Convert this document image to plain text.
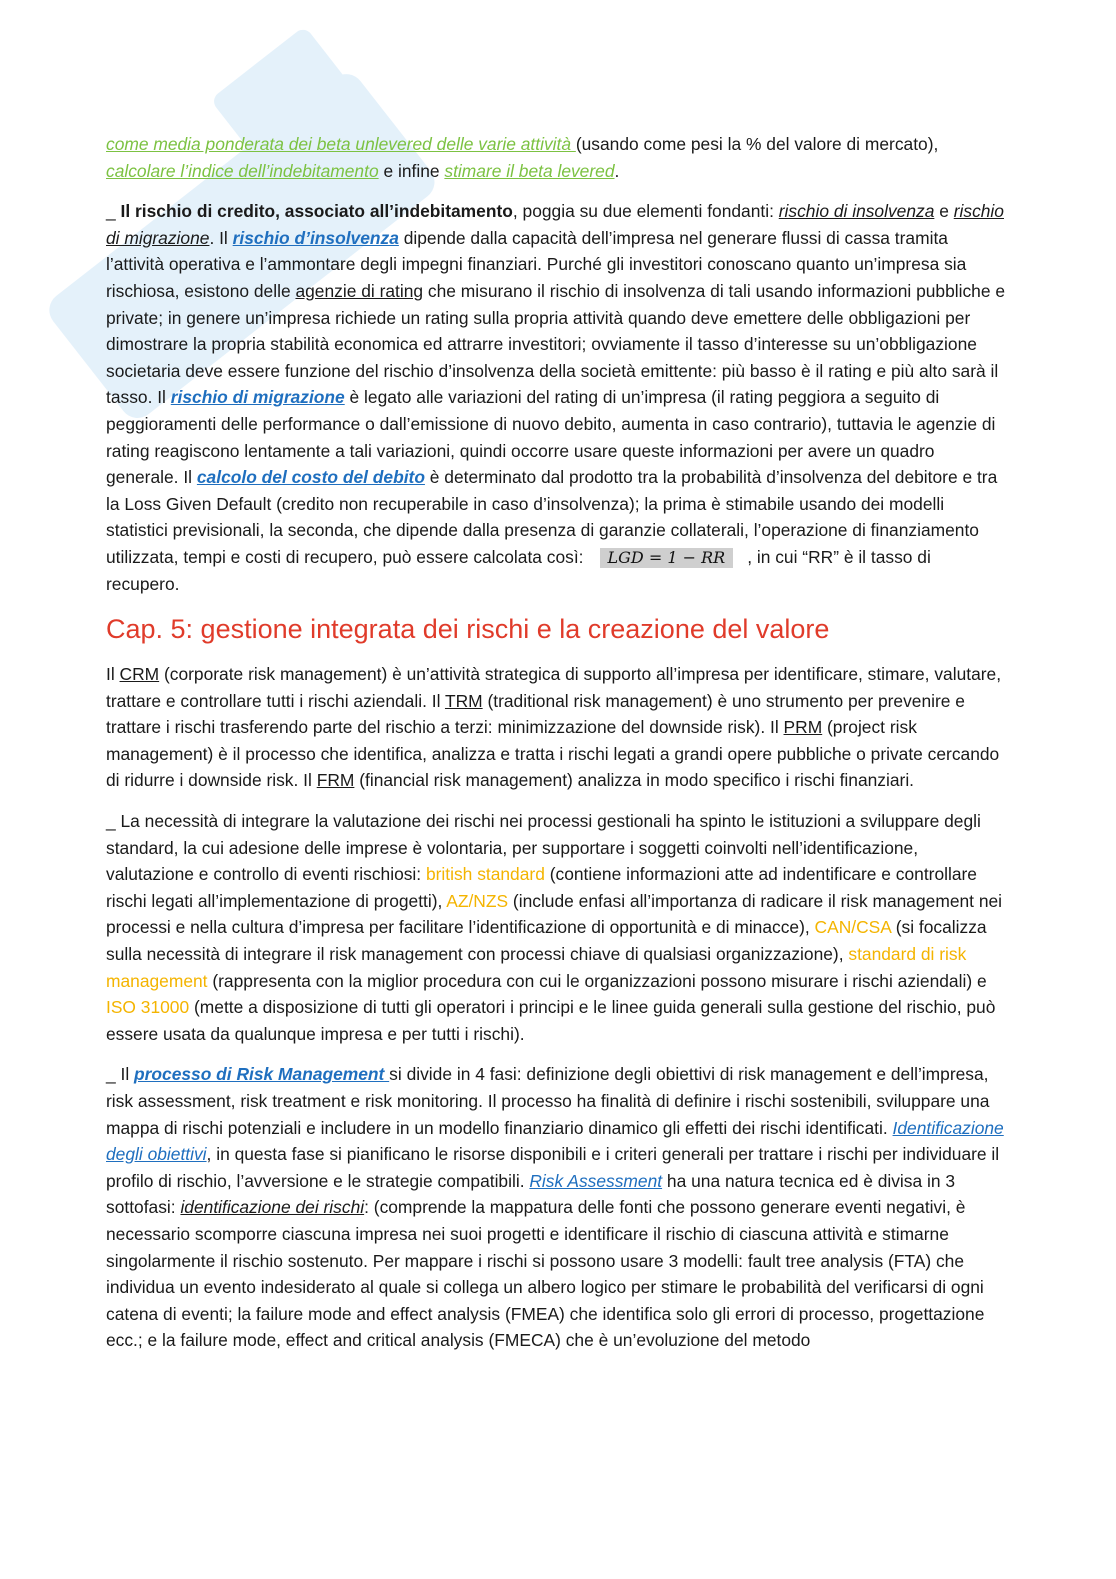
come media ponderata dei beta unlevered delle varie attività (usando come pesi la % del valore di mercato), calcolare l’indice dell’indebitamento e infine stimare il beta levered.

_ Il rischio di credito, associato all’indebitamento, poggia su due elementi fondanti: rischio di insolvenza e rischio di migrazione. Il rischio d’insolvenza dipende dalla capacità dell’impresa nel generare flussi di cassa tramita l’attività operativa e l’ammontare degli impegni finanziari. Purché gli investitori conoscano quanto un’impresa sia rischiosa, esistono delle agenzie di rating che misurano il rischio di insolvenza di tali usando informazioni pubbliche e private; in genere un’impresa richiede un rating sulla propria attività quando deve emettere delle obbligazioni per dimostrare la propria stabilità economica ed attrarre investitori; ovviamente il tasso d’interesse su un’obbligazione societaria deve essere funzione del rischio d’insolvenza della società emittente: più basso è il rating e più alto sarà il tasso. Il rischio di migrazione è legato alle variazioni del rating di un’impresa (il rating peggiora a seguito di peggioramenti delle performance o dall’emissione di nuovo debito, aumenta in caso contrario), tuttavia le agenzie di rating reagiscono lentamente a tali variazioni, quindi occorre usare queste informazioni per avere un quadro generale. Il calcolo del costo del debito è determinato dal prodotto tra la probabilità d’insolvenza del debitore e tra la Loss Given Default (credito non recuperabile in caso d’insolvenza); la prima è stimabile usando dei modelli statistici previsionali, la seconda, che dipende dalla presenza di garanzie collaterali, l’operazione di finanziamento utilizzata, tempi e costi di recupero, può essere calcolata così: LGD = 1 − RR , in cui “RR” è il tasso di recupero.

Cap. 5: gestione integrata dei rischi e la creazione del valore

Il CRM (corporate risk management) è un’attività strategica di supporto all’impresa per identificare, stimare, valutare, trattare e controllare tutti i rischi aziendali. Il TRM (traditional risk management) è uno strumento per prevenire e trattare i rischi trasferendo parte del rischio a terzi: minimizzazione del downside risk). Il PRM (project risk management) è il processo che identifica, analizza e tratta i rischi legati a grandi opere pubbliche o private cercando di ridurre i downside risk. Il FRM (financial risk management) analizza in modo specifico i rischi finanziari.

_ La necessità di integrare la valutazione dei rischi nei processi gestionali ha spinto le istituzioni a sviluppare degli standard, la cui adesione delle imprese è volontaria, per supportare i soggetti coinvolti nell’identificazione, valutazione e controllo di eventi rischiosi: british standard (contiene informazioni atte ad indentificare e controllare rischi legati all’implementazione di progetti), AZ/NZS (include enfasi all’importanza di radicare il risk management nei processi e nella cultura d’impresa per facilitare l’identificazione di opportunità e di minacce), CAN/CSA (si focalizza sulla necessità di integrare il risk management con processi chiave di qualsiasi organizzazione), standard di risk management (rappresenta con la miglior procedura con cui le organizzazioni possono misurare i rischi aziendali) e ISO 31000 (mette a disposizione di tutti gli operatori i principi e le linee guida generali sulla gestione del rischio, può essere usata da qualunque impresa e per tutti i rischi).

_ Il processo di Risk Management si divide in 4 fasi: definizione degli obiettivi di risk management e dell’impresa, risk assessment, risk treatment e risk monitoring. Il processo ha finalità di definire i rischi sostenibili, sviluppare una mappa di rischi potenziali e includere in un modello finanziario dinamico gli effetti dei rischi identificati. Identificazione degli obiettivi, in questa fase si pianificano le risorse disponibili e i criteri generali per trattare i rischi per individuare il profilo di rischio, l’avversione e le strategie compatibili. Risk Assessment ha una natura tecnica ed è divisa in 3 sottofasi: identificazione dei rischi: (comprende la mappatura delle fonti che possono generare eventi negativi, è necessario scomporre ciascuna impresa nei suoi progetti e identificare il rischio di ciascuna attività e stimarne singolarmente il rischio sostenuto. Per mappare i rischi si possono usare 3 modelli: fault tree analysis (FTA) che individua un evento indesiderato al quale si collega un albero logico per stimare le probabilità del verificarsi di ogni catena di eventi; la failure mode and effect analysis (FMEA) che identifica solo gli errori di processo, progettazione ecc.; e la failure mode, effect and critical analysis (FMECA) che è un’evoluzione del metodo
